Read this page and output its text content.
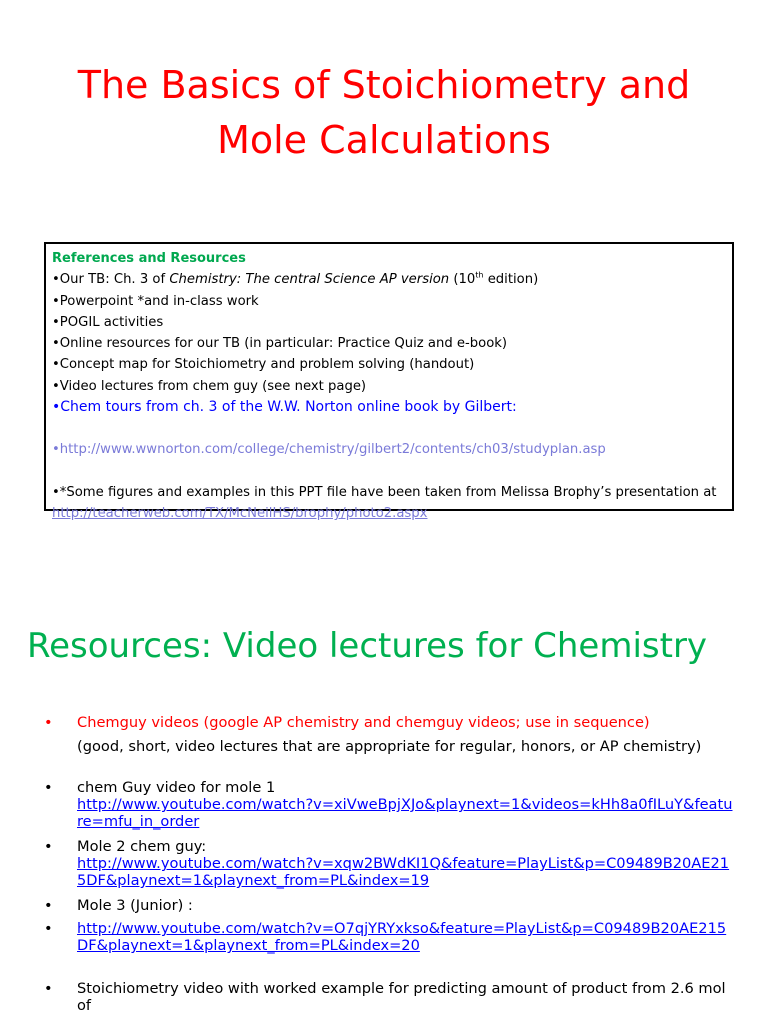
The Basics of Stoichiometry and
Mole Calculations
References and Resources
•Our TB: Ch. 3 of Chemistry: The central Science AP version (10th edition)
•Powerpoint *and in-class work
•POGIL activities
•Online resources for our TB (in particular: Practice Quiz and e-book)
•Concept map for Stoichiometry and problem solving (handout)
•Video lectures from chem guy (see next page)
•Chem tours from ch. 3 of the W.W. Norton online book by Gilbert:
•http://www.wwnorton.com/college/chemistry/gilbert2/contents/ch03/studyplan.asp
•*Some figures and examples in this PPT file have been taken from Melissa Brophy’s presentation at
http://teacherweb.com/TX/McNeilHS/brophy/photo2.aspx
Resources: Video lectures for Chemistry
• Chemguy videos (google AP chemistry and chemguy videos; use in sequence)
(good, short, video lectures that are appropriate for regular, honors, or AP chemistry)
• chem Guy video for mole 1
http://www.youtube.com/watch?v=xiVweBpjXJo&playnext=1&videos=kHh8a0fILuY&feature=mfu_in_order
• Mole 2 chem guy:
http://www.youtube.com/watch?v=xqw2BWdKI1Q&feature=PlayList&p=C09489B20AE215DF&playnext=1&playnext_from=PL&index=19
• Mole 3 (Junior) :
• http://www.youtube.com/watch?v=O7qjYRYxkso&feature=PlayList&p=C09489B20AE215DF&playnext=1&playnext_from=PL&index=20
• Stoichiometry video with worked example for predicting amount of product from 2.6 mol of
